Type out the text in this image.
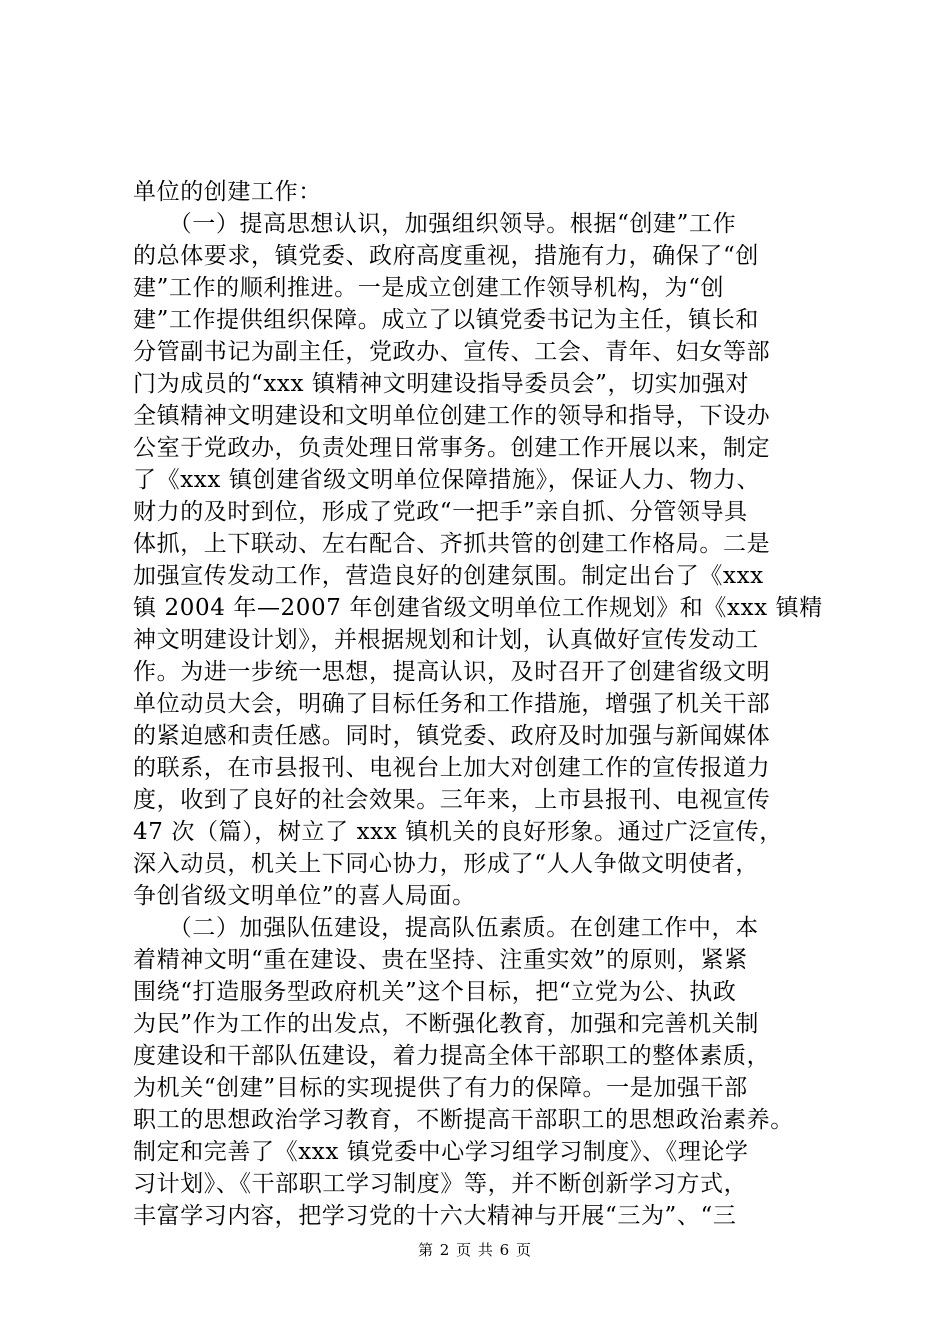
单位的创建工作：
　　（一）提高思想认识，加强组织领导。根据“创建”工作
的总体要求，镇党委、政府高度重视，措施有力，确保了“创
建”工作的顺利推进。一是成立创建工作领导机构，为“创
建”工作提供组织保障。成立了以镇党委书记为主任，镇长和
分管副书记为副主任，党政办、宣传、工会、青年、妇女等部
门为成员的“xxx 镇精神文明建设指导委员会”，切实加强对
全镇精神文明建设和文明单位创建工作的领导和指导，下设办
公室于党政办，负责处理日常事务。创建工作开展以来，制定
了《xxx 镇创建省级文明单位保障措施》，保证人力、物力、
财力的及时到位，形成了党政“一把手”亲自抓、分管领导具
体抓，上下联动、左右配合、齐抓共管的创建工作格局。二是
加强宣传发动工作，营造良好的创建氛围。制定出台了《xxx
镇 2004 年—2007 年创建省级文明单位工作规划》和《xxx 镇精
神文明建设计划》，并根据规划和计划，认真做好宣传发动工
作。为进一步统一思想，提高认识，及时召开了创建省级文明
单位动员大会，明确了目标任务和工作措施，增强了机关干部
的紧迫感和责任感。同时，镇党委、政府及时加强与新闻媒体
的联系，在市县报刊、电视台上加大对创建工作的宣传报道力
度，收到了良好的社会效果。三年来，上市县报刊、电视宣传
47 次（篇），树立了 xxx 镇机关的良好形象。通过广泛宣传，
深入动员，机关上下同心协力，形成了“人人争做文明使者，
争创省级文明单位”的喜人局面。
　　（二）加强队伍建设，提高队伍素质。在创建工作中，本
着精神文明“重在建设、贵在坚持、注重实效”的原则，紧紧
围绕“打造服务型政府机关”这个目标，把“立党为公、执政
为民”作为工作的出发点，不断强化教育，加强和完善机关制
度建设和干部队伍建设，着力提高全体干部职工的整体素质，
为机关“创建”目标的实现提供了有力的保障。一是加强干部
职工的思想政治学习教育，不断提高干部职工的思想政治素养。
制定和完善了《xxx 镇党委中心学习组学习制度》、《理论学
习计划》、《干部职工学习制度》等，并不断创新学习方式，
丰富学习内容，把学习党的十六大精神与开展“三为”、“三
第 2 页 共 6 页
